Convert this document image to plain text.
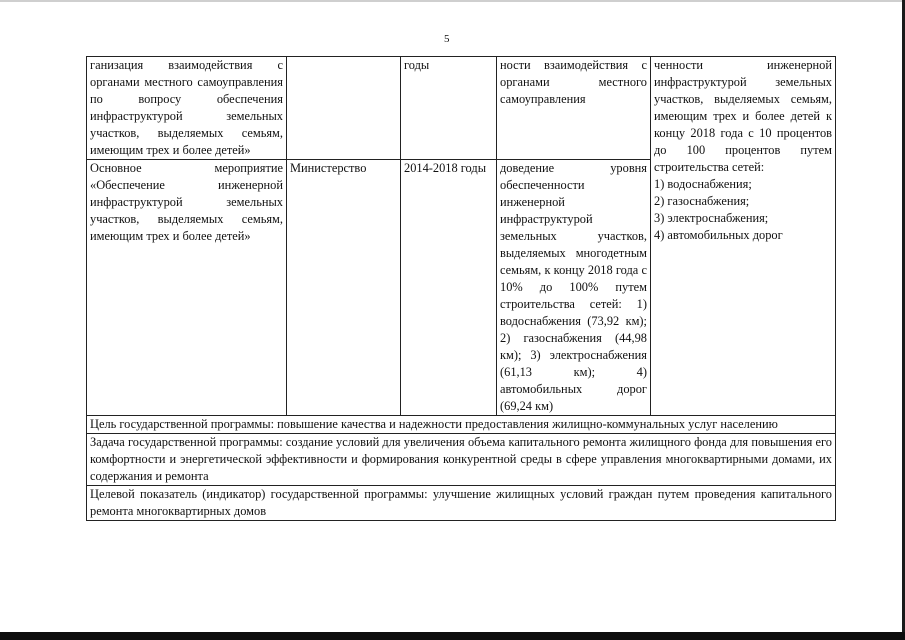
5
ганизация взаимодействия с органами местного самоуправления по вопросу обеспечения инфраструктурой земельных участков, выделяемых семьям, имеющим трех и более детей»		годы	ности взаимодействия с органами местного самоуправления	ченности инженерной инфраструктурой земельных участков, выделяемых семьям, имеющим трех и более детей к концу 2018 года с 10 процентов до 100 процентов путем строительства сетей:
1) водоснабжения;
2) газоснабжения;
3) электроснабжения;
4) автомобильных дорог

Основное мероприятие «Обеспечение инженерной инфраструктурой земельных участков, выделяемых семьям, имеющим трех и более детей»	Министерство	2014-2018 годы	доведение уровня обеспеченности инженерной инфраструктурой земельных участков, выделяемых многодетным семьям, к концу 2018 года с 10% до 100% путем строительства сетей: 1) водоснабжения (73,92 км); 2) газоснабжения (44,98 км); 3) электроснабжения (61,13 км); 4) автомобильных дорог (69,24 км)	
Цель государственной программы: повышение качества и надежности предоставления жилищно-коммунальных услуг населению				
Задача государственной программы: создание условий для увеличения объема капитального ремонта жилищного фонда для повышения его комфортности и энергетической эффективности и формирования конкурентной среды в сфере управления многоквартирными домами, их содержания и ремонта				
Целевой показатель (индикатор) государственной программы: улучшение жилищных условий граждан путем проведения капитального ремонта многоквартирных домов				
